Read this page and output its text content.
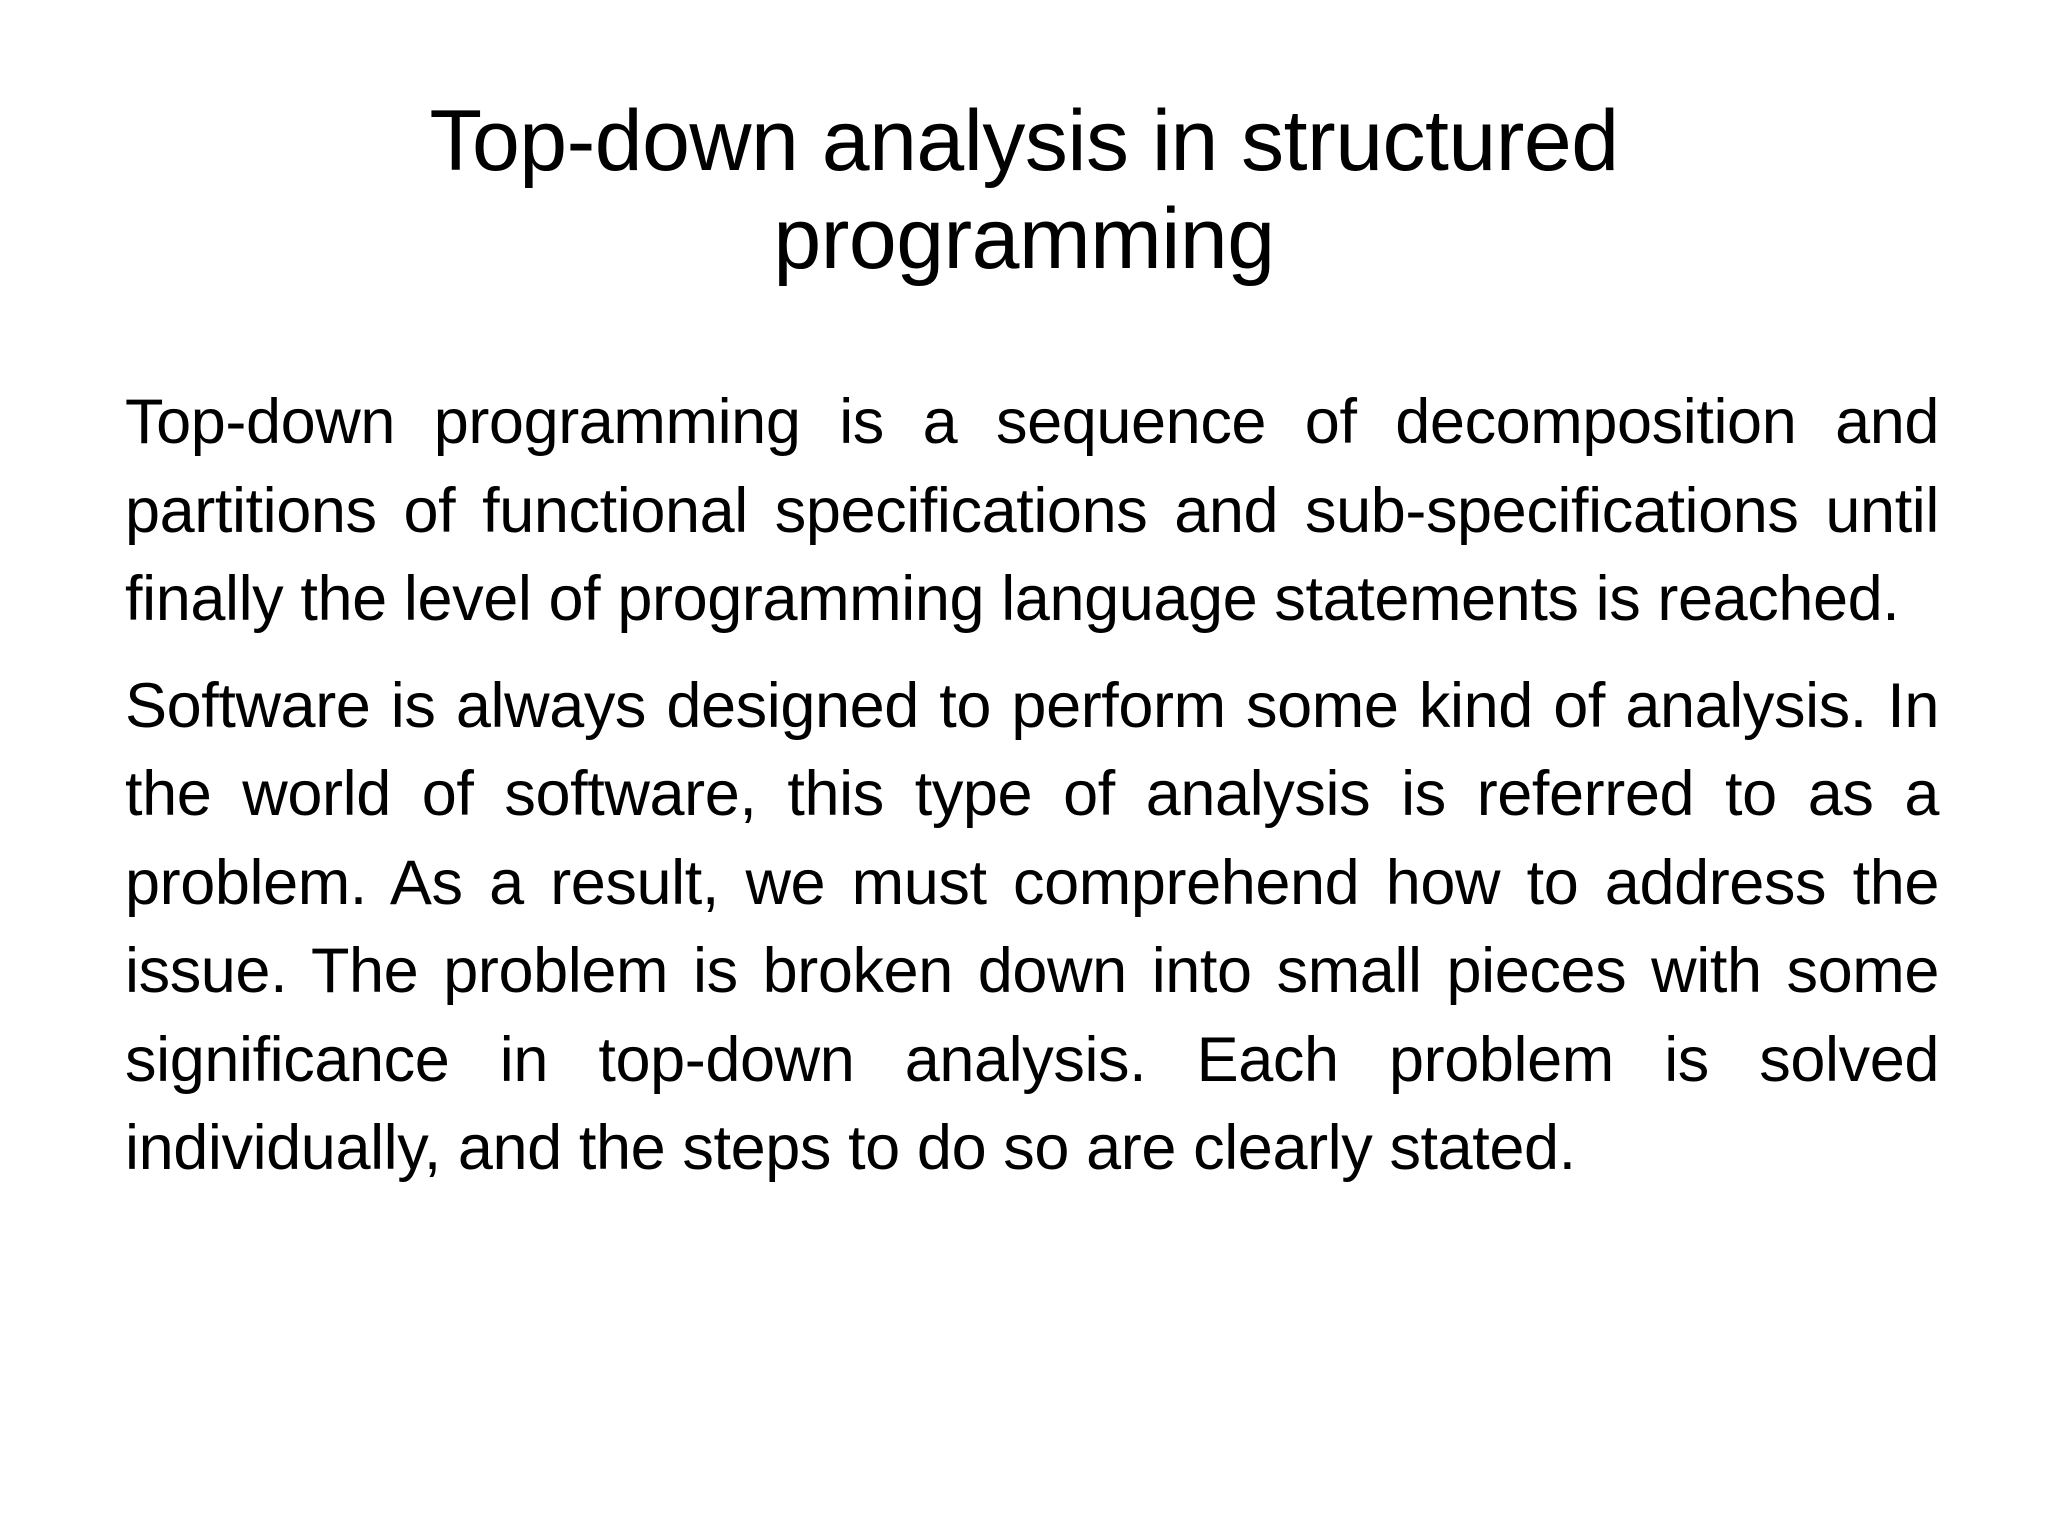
Top-down analysis in structured programming

Top-down programming is a sequence of decomposition and partitions of functional specifications and sub-specifications until finally the level of programming language statements is reached.

Software is always designed to perform some kind of analysis. In the world of software, this type of analysis is referred to as a problem. As a result, we must comprehend how to address the issue. The problem is broken down into small pieces with some significance in top-down analysis. Each problem is solved individually, and the steps to do so are clearly stated.
